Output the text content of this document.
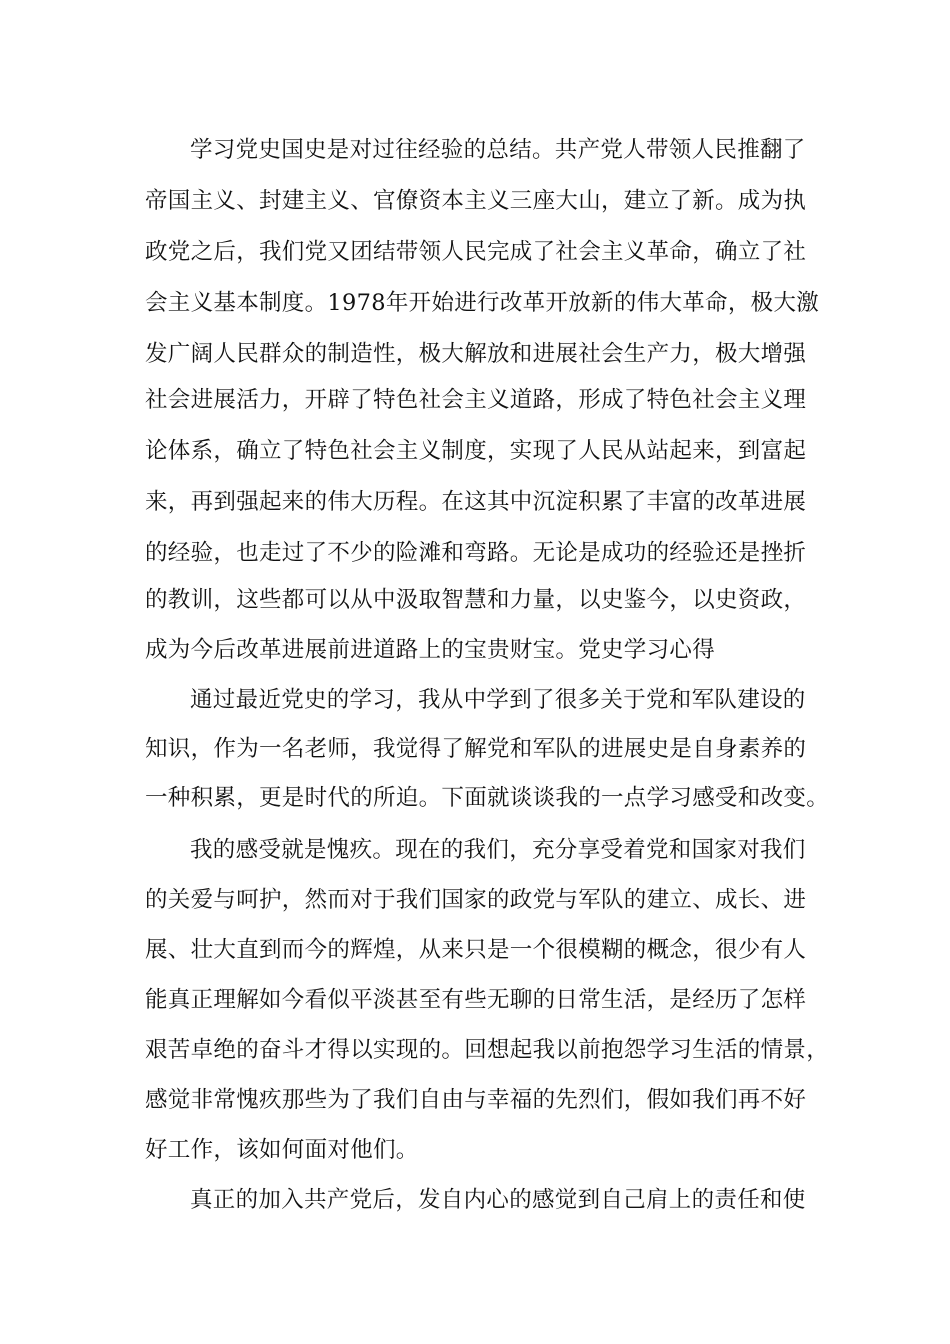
学习党史国史是对过往经验的总结。共产党人带领人民推翻了

帝国主义、封建主义、官僚资本主义三座大山，建立了新。成为执

政党之后，我们党又团结带领人民完成了社会主义革命，确立了社

会主义基本制度。1978年开始进行改革开放新的伟大革命，极大激

发广阔人民群众的制造性，极大解放和进展社会生产力，极大增强

社会进展活力，开辟了特色社会主义道路，形成了特色社会主义理

论体系，确立了特色社会主义制度，实现了人民从站起来，到富起

来，再到强起来的伟大历程。在这其中沉淀积累了丰富的改革进展

的经验，也走过了不少的险滩和弯路。无论是成功的经验还是挫折

的教训，这些都可以从中汲取智慧和力量，以史鉴今，以史资政，

成为今后改革进展前进道路上的宝贵财宝。党史学习心得

通过最近党史的学习，我从中学到了很多关于党和军队建设的

知识，作为一名老师，我觉得了解党和军队的进展史是自身素养的

一种积累，更是时代的所迫。下面就谈谈我的一点学习感受和改变。

我的感受就是愧疚。现在的我们，充分享受着党和国家对我们

的关爱与呵护，然而对于我们国家的政党与军队的建立、成长、进

展、壮大直到而今的辉煌，从来只是一个很模糊的概念，很少有人

能真正理解如今看似平淡甚至有些无聊的日常生活，是经历了怎样

艰苦卓绝的奋斗才得以实现的。回想起我以前抱怨学习生活的情景，

感觉非常愧疚那些为了我们自由与幸福的先烈们，假如我们再不好

好工作，该如何面对他们。

真正的加入共产党后，发自内心的感觉到自己肩上的责任和使
